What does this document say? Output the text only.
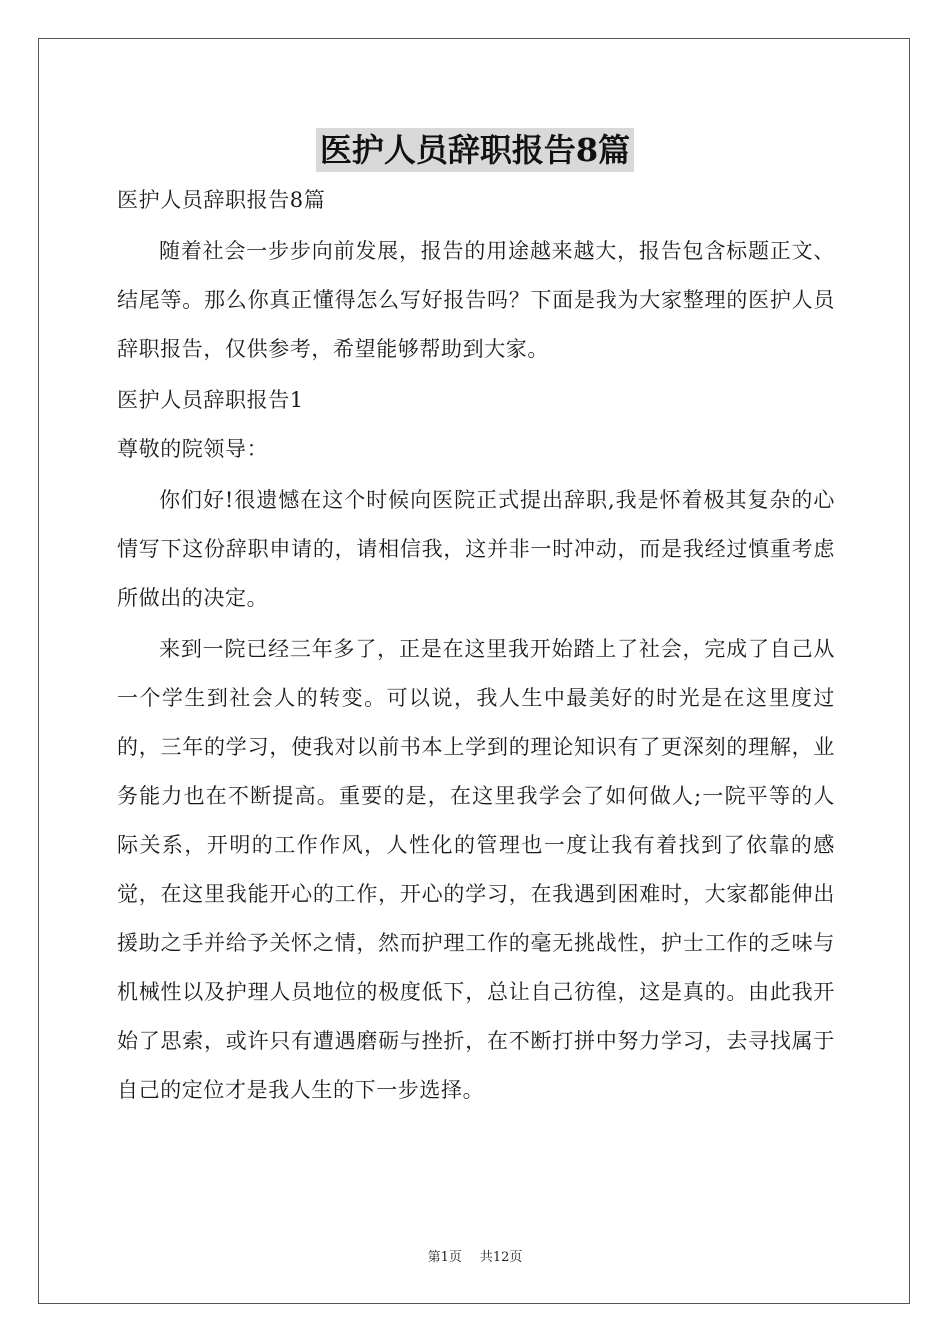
医护人员辞职报告8篇
医护人员辞职报告8篇

随着社会一步步向前发展，报告的用途越来越大，报告包含标题正文、结尾等。那么你真正懂得怎么写好报告吗？下面是我为大家整理的医护人员辞职报告，仅供参考，希望能够帮助到大家。

医护人员辞职报告1
尊敬的院领导：

你们好!很遗憾在这个时候向医院正式提出辞职,我是怀着极其复杂的心情写下这份辞职申请的，请相信我，这并非一时冲动，而是我经过慎重考虑所做出的决定。

来到一院已经三年多了，正是在这里我开始踏上了社会，完成了自己从一个学生到社会人的转变。可以说，我人生中最美好的时光是在这里度过的，三年的学习，使我对以前书本上学到的理论知识有了更深刻的理解，业务能力也在不断提高。重要的是，在这里我学会了如何做人;一院平等的人际关系，开明的工作作风，人性化的管理也一度让我有着找到了依靠的感觉，在这里我能开心的工作，开心的学习，在我遇到困难时，大家都能伸出援助之手并给予关怀之情，然而护理工作的毫无挑战性，护士工作的乏味与机械性以及护理人员地位的极度低下，总让自己彷徨，这是真的。由此我开始了思索，或许只有遭遇磨砺与挫折，在不断打拼中努力学习，去寻找属于自己的定位才是我人生的下一步选择。

第1页 共12页
